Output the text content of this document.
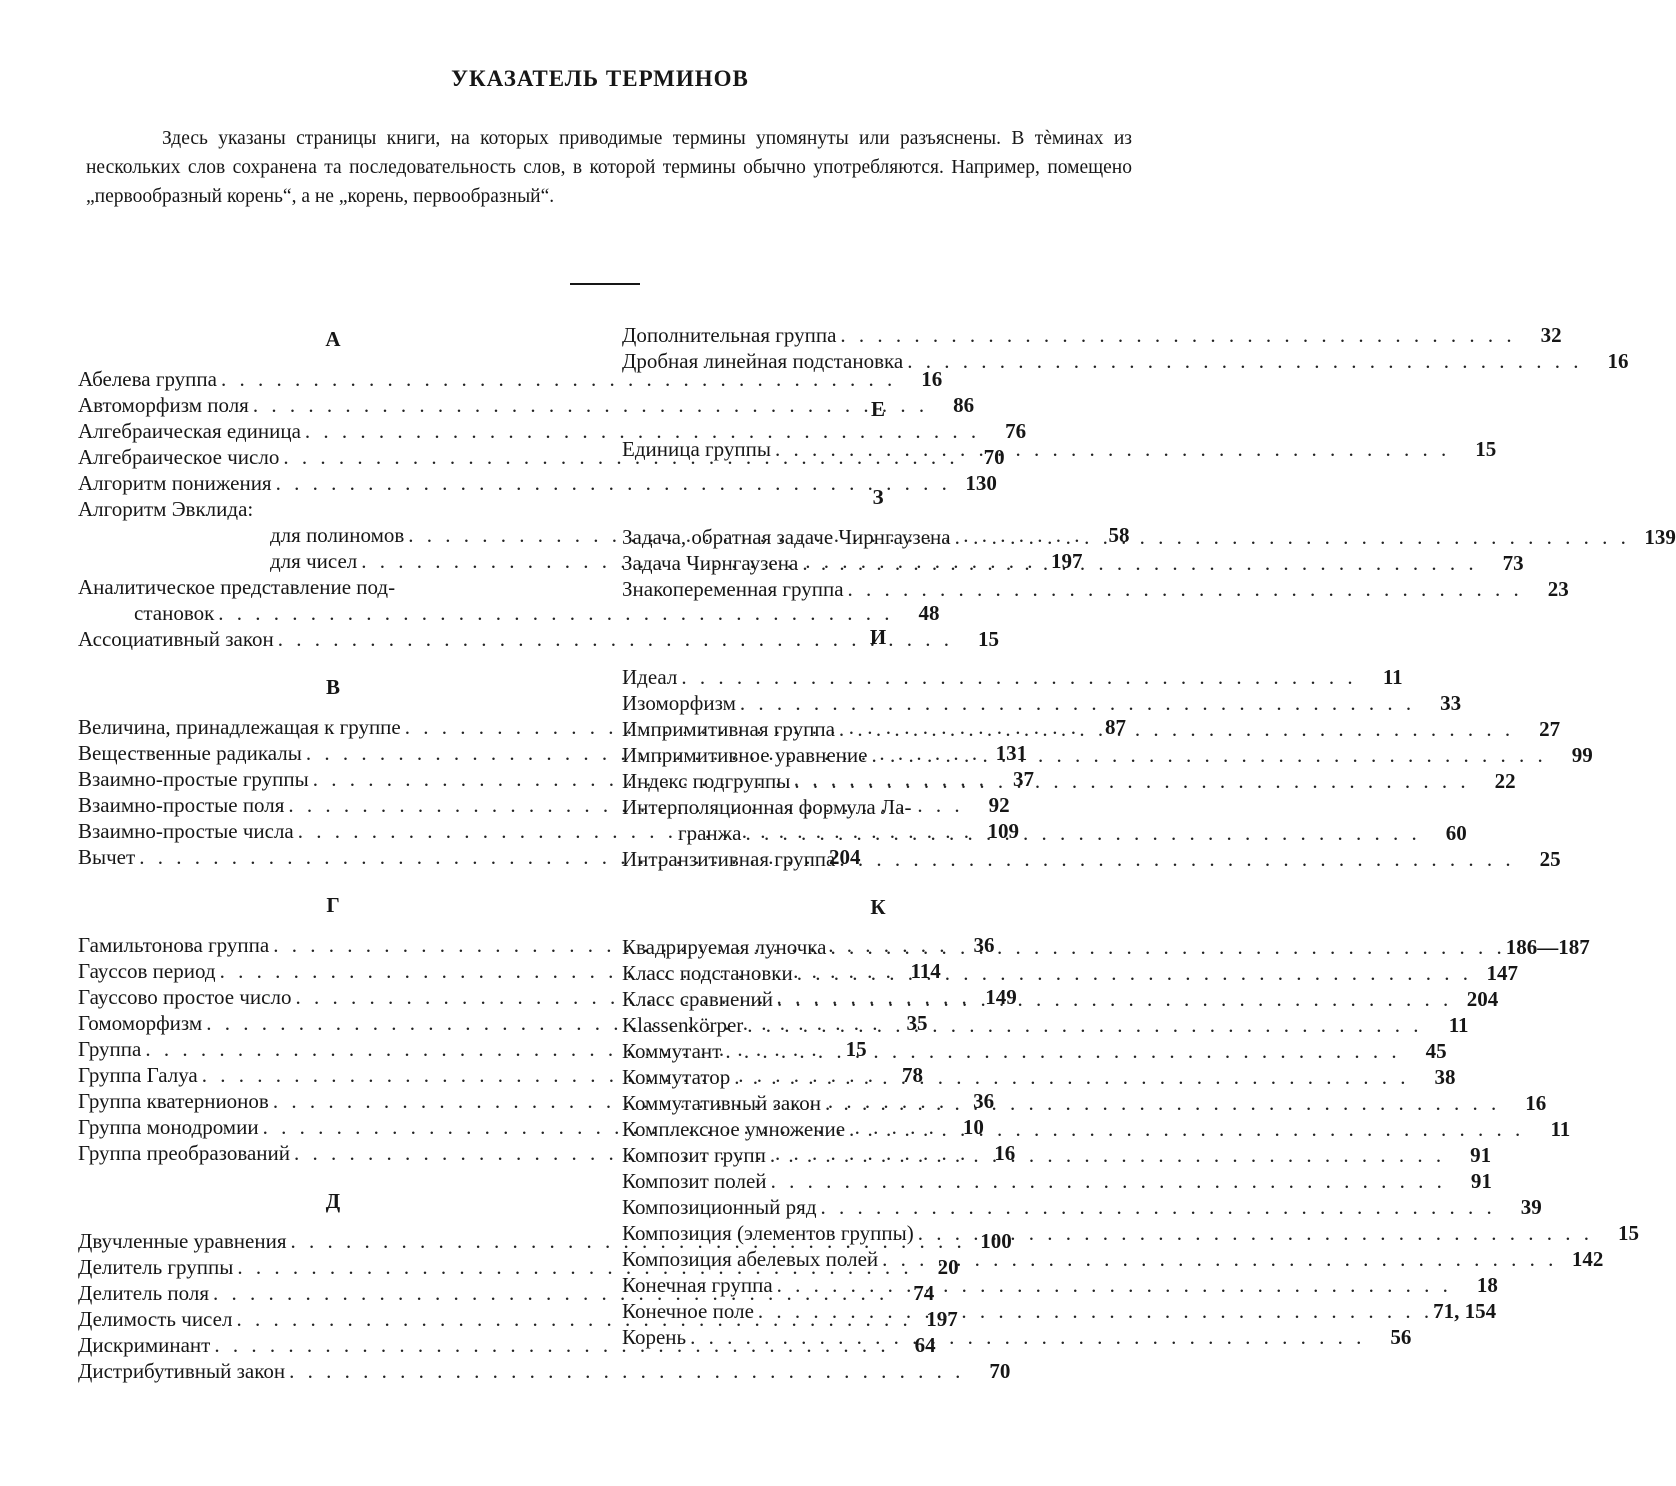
УКАЗАТЕЛЬ ТЕРМИНОВ

Здесь указаны страницы книги, на которых приводимые термины упомянуты или разъяснены. В тѐминах из нескольких слов сохранена та последовательность слов, в которой термины обычно употребляются. Например, помещено „первообразный корень“, а не „корень, первообразный“.

А
Абелева группа . . .	16
Автоморфизм поля . . .	86
Алгебраическая единица . . .	76
Алгебраическое число . . .	70
Алгоритм понижения . . .	130
Алгоритм Эвклида:
для полиномов . . .	58
для чисел . . .	197
Аналитическое представление под-
становок . . .	48
Ассоциативный закон . . .	15
В
Величина, принадлежащая к группе . . .	87
Вещественные радикалы . . .	131
Взаимно-простые группы . . .	37
Взаимно-простые поля . . .	92
Взаимно-простые числа . . .	109
Вычет . . .	204
Г
Гамильтонова группа . . .	36
Гауссов период . . .	114
Гауссово простое число . . .	149
Гомоморфизм . . .	35
Группа . . .	15
Группа Галуа . . .	78
Группа кватернионов . . .	36
Группа монодромии . . .	10
Группа преобразований . . .	16
Д
Двучленные уравнения . . .	100
Делитель группы . . .	20
Делитель поля . . .	74
Делимость чисел . . .	197
Дискриминант . . .	64
Дистрибутивный закон . . .	70
Дополнительная группа . . .	32
Дробная линейная подстановка . . .	16
Е
Единица группы . . .	15
З
Задача, обратная задаче Чирнгаузена . . .	139
Задача Чирнгаузена . . .	73
Знакопеременная группа . . .	23
И
Идеал . . .	11
Изоморфизм . . .	33
Импримитивная группа . . .	27
Импримитивное уравнение . . .	99
Индекс подгруппы . . .	22
Интерполяционная формула Ла-
гранжа . . .	60
Интранзитивная группа . . .	25
К
Квадрируемая луночка . . .	186—187
Класс подстановки . . .	147
Класс сравнений . . .	204
Klassenkörper . . .	11
Коммутант . . .	45
Коммутатор . . .	38
Коммутативный закон . . .	16
Комплексное умножение . . .	11
Композит групп . . .	91
Композит полей . . .	91
Композиционный ряд . . .	39
Композиция (элементов группы) . . .	15
Композиция абелевых полей . . .	142
Конечная группа . . .	18
Конечное поле . . .	71, 154
Корень . . .	56
